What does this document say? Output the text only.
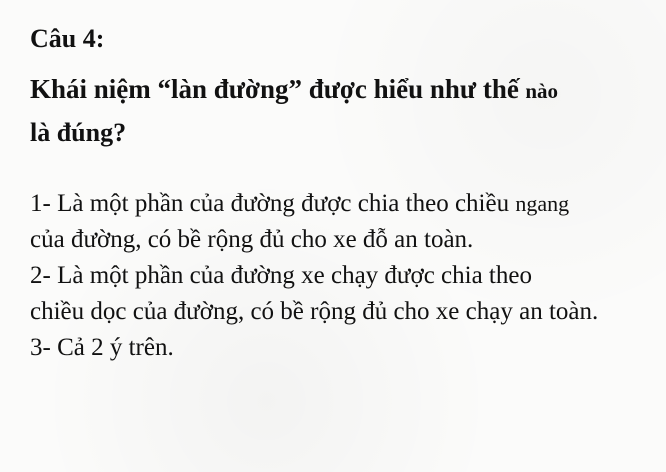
Câu 4:

Khái niệm “làn đường” được hiểu như thế nào
là đúng?

1- Là một phần của đường được chia theo chiều ngang
của đường, có bề rộng đủ cho xe đỗ an toàn.

2- Là một phần của đường xe chạy được chia theo
chiều dọc của đường, có bề rộng đủ cho xe chạy an toàn.

3- Cả 2 ý trên.
